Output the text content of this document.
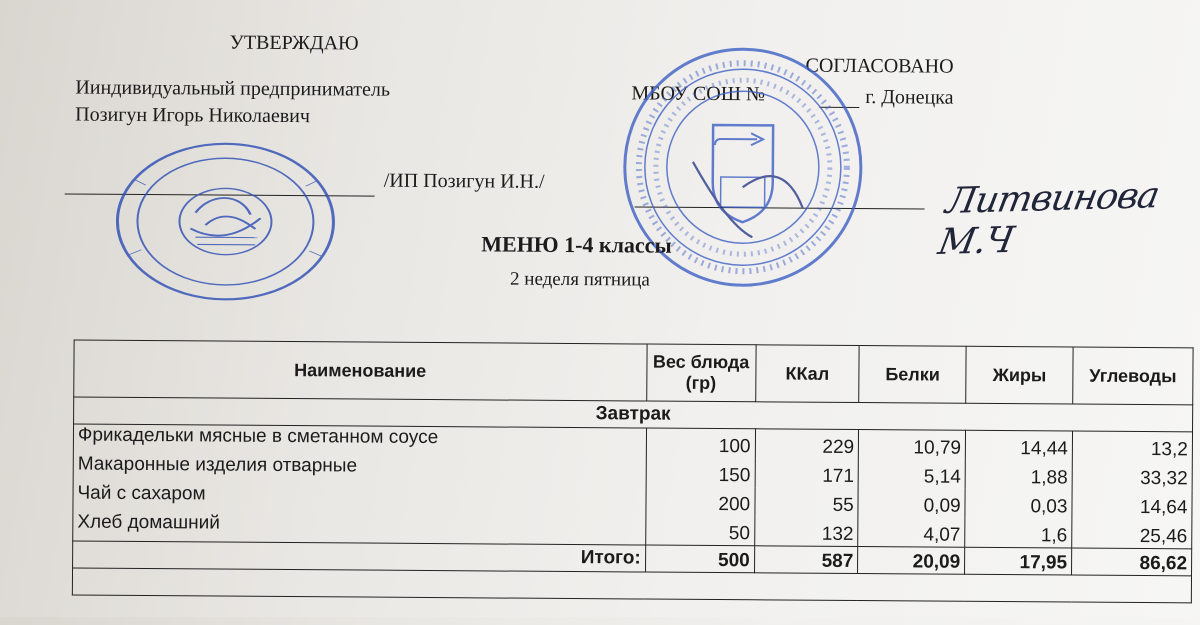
УТВЕРЖДАЮ
Ииндивидуальный предприниматель
Позигун Игорь Николаевич
/ИП Позигун И.Н./
СОГЛАСОВАНО
МБОУ СОШ №	г. Донецка
Литвинова М.Ч
МЕНЮ 1-4 классы
2 неделя пятница
Наименование	Вес блюда (гр)	ККал	Белки	Жиры	Углеводы
Завтрак					
Фрикадельки мясные в сметанном соусе	100	229	10,79	14,44	13,2
Макаронные изделия отварные	150	171	5,14	1,88	33,32
Чай с сахаром	200	55	0,09	0,03	14,64
Хлеб домашний	50	132	4,07	1,6	25,46
Итого:	500	587	20,09	17,95	86,62
